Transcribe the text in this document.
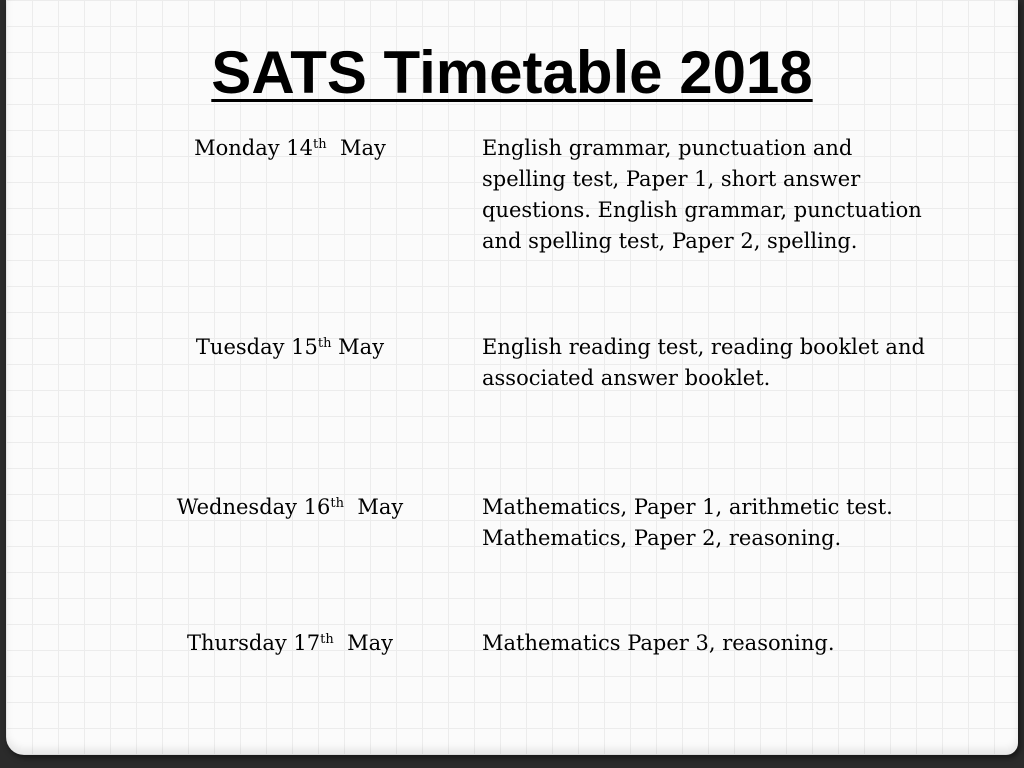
SATS Timetable 2018
Monday 14th  May	English grammar, punctuation and

spelling test, Paper 1, short answer

questions. English grammar, punctuation

and spelling test, Paper 2, spelling.

Tuesday 15th May	English reading test, reading booklet and

associated answer booklet.

Wednesday 16th  May	Mathematics, Paper 1, arithmetic test.

Mathematics, Paper 2, reasoning.

Thursday 17th  May	Mathematics Paper 3, reasoning.
